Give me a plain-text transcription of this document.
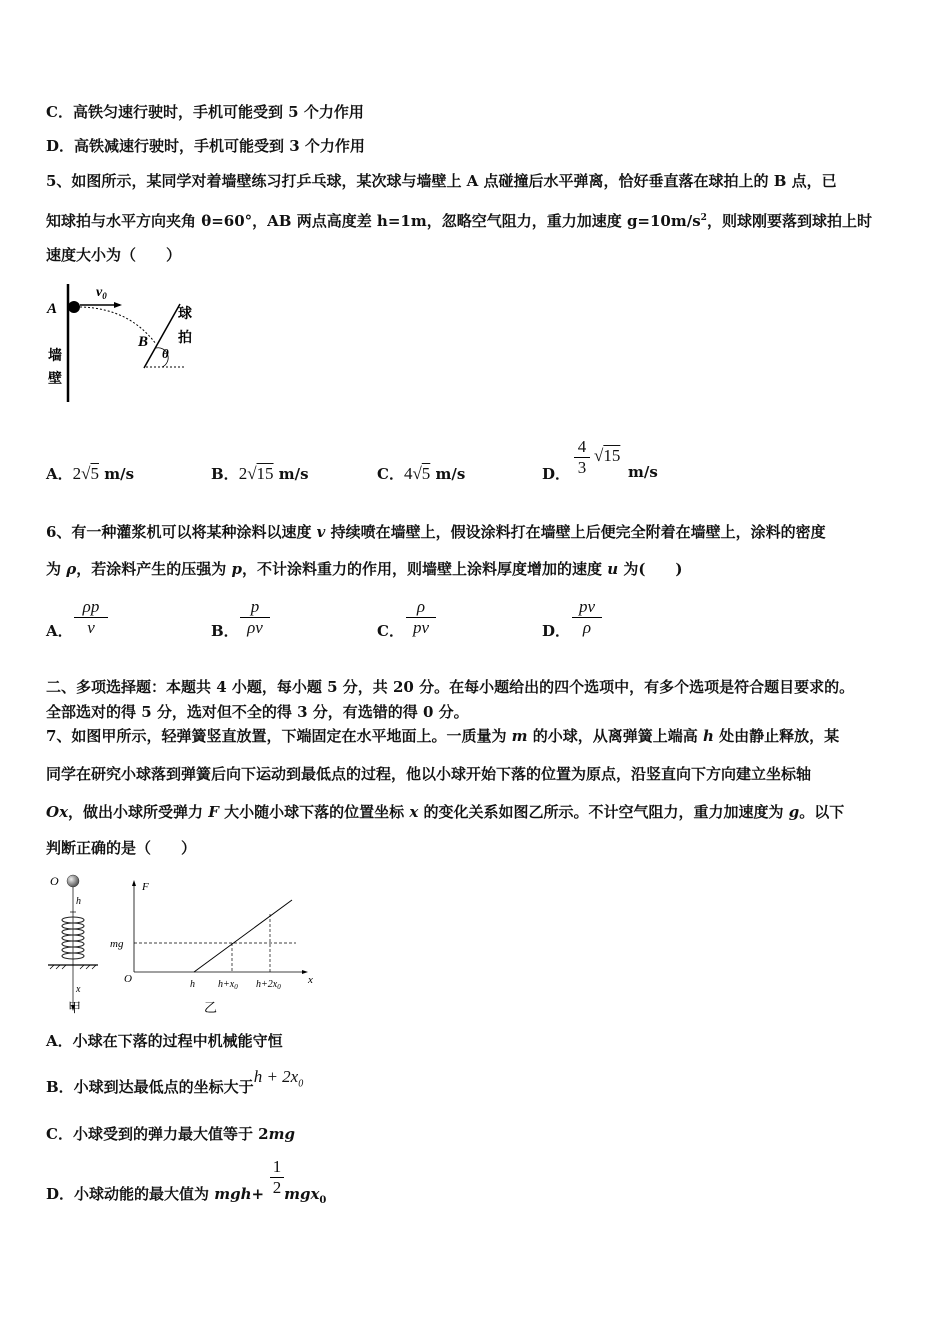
C．高铁匀速行驶时，手机可能受到 5 个力作用
D．高铁减速行驶时，手机可能受到 3 个力作用
5、如图所示，某同学对着墙壁练习打乒乓球，某次球与墙壁上 A 点碰撞后水平弹离，恰好垂直落在球拍上的 B 点，已
知球拍与水平方向夹角 θ=60°，AB 两点高度差 h=1m，忽略空气阻力，重力加速度 $g=10m/s^2$，则球刚要落到球拍上时
速度大小为（　　）
A
$v_0$
B
θ
球
拍
墙
壁
A．2√5 m/s	B．2√15 m/s	C．4√5 m/s	D．
4
3
√15
m/s
6、有一种灌浆机可以将某种涂料以速度 v 持续喷在墙壁上，假设涂料打在墙壁上后便完全附着在墙壁上，涂料的密度
为 ρ，若涂料产生的压强为 p，不计涂料重力的作用，则墙壁上涂料厚度增加的速度 u 为(　　)
A．
ρp
v	B．
p
ρv	C．
ρ
pv	D．
pv
ρ
二、多项选择题：本题共 4 小题，每小题 5 分，共 20 分。在每小题给出的四个选项中，有多个选项是符合题目要求的。
全部选对的得 5 分，选对但不全的得 3 分，有选错的得 0 分。
7、如图甲所示，轻弹簧竖直放置，下端固定在水平地面上。一质量为 m 的小球，从离弹簧上端高 h 处由静止释放，某
同学在研究小球落到弹簧后向下运动到最低点的过程，他以小球开始下落的位置为原点，沿竖直向下方向建立坐标轴
Ox，做出小球所受弹力 F 大小随小球下落的位置坐标 x 的变化关系如图乙所示。不计空气阻力，重力加速度为 g。以下
判断正确的是（　　）
O
h
x
甲
F
mg
O	h $h+x_0$ $h+2x_0$
x
乙
A．小球在下落的过程中机械能守恒
B．小球到达最低点的坐标大于$h + 2x_0$
C．小球受到的弹力最大值等于 2mg
D．小球动能的最大值为 mgh+ mgx$_0$
1
2
